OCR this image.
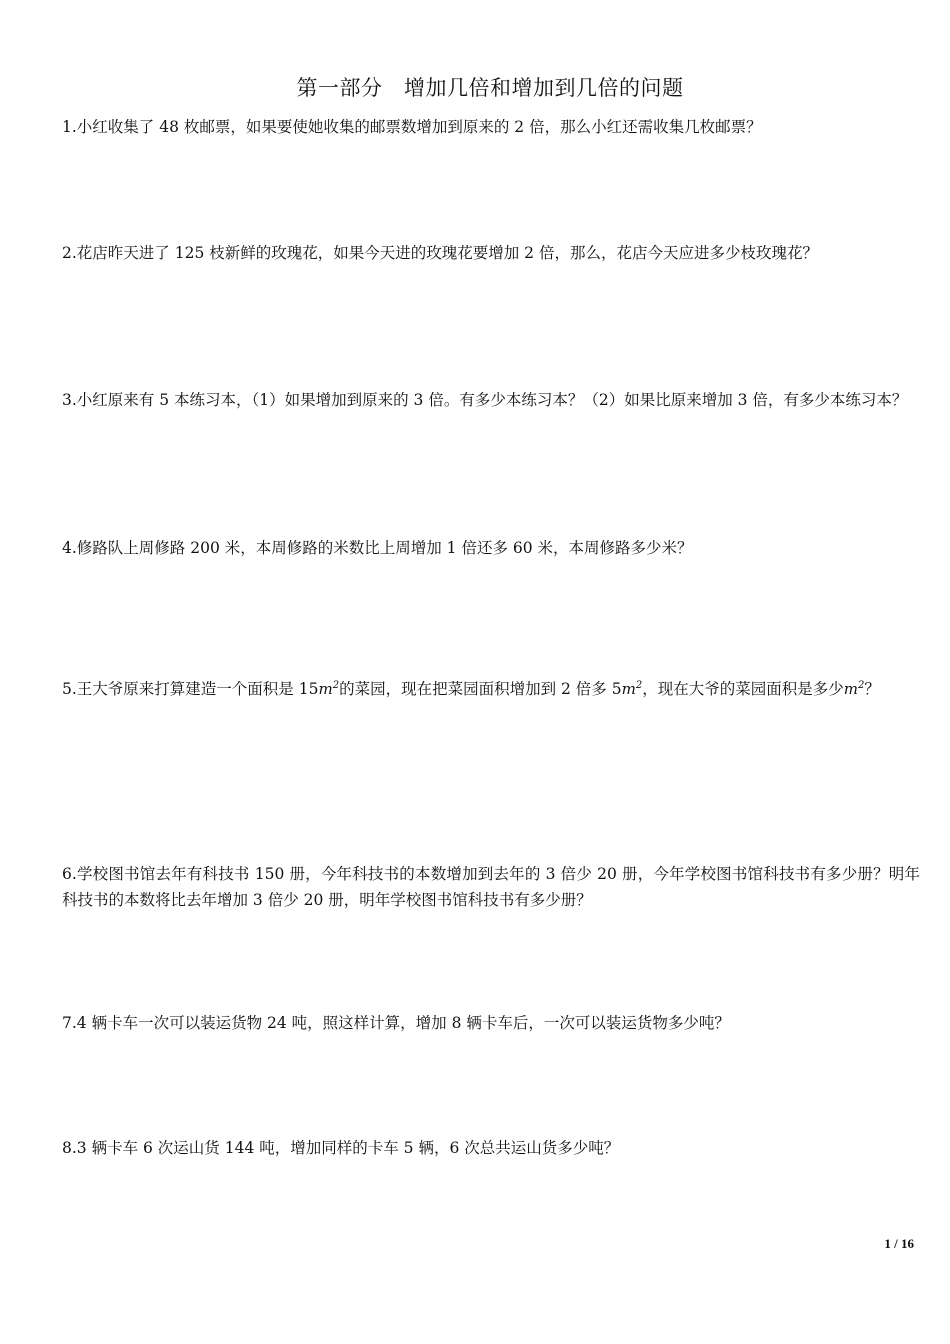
第一部分　增加几倍和增加到几倍的问题
1.小红收集了 48 枚邮票，如果要使她收集的邮票数增加到原来的 2 倍，那么小红还需收集几枚邮票？
2.花店昨天进了 125 枝新鲜的玫瑰花，如果今天进的玫瑰花要增加 2 倍，那么，花店今天应进多少枝玫瑰花？
3.小红原来有 5 本练习本，（1）如果增加到原来的 3 倍。有多少本练习本？（2）如果比原来增加 3 倍，有多少本练习本？
4.修路队上周修路 200 米，本周修路的米数比上周增加 1 倍还多 60 米，本周修路多少米？
5.王大爷原来打算建造一个面积是 $15m^2$的菜园，现在把菜园面积增加到 2 倍多 $5m^2$，现在大爷的菜园面积是多少$m^2$？
6.学校图书馆去年有科技书 150 册，今年科技书的本数增加到去年的 3 倍少 20 册，今年学校图书馆科技书有多少册？明年科技书的本数将比去年增加 3 倍少 20 册，明年学校图书馆科技书有多少册？
7.4 辆卡车一次可以装运货物 24 吨，照这样计算，增加 8 辆卡车后，一次可以装运货物多少吨？
8.3 辆卡车 6 次运山货 144 吨，增加同样的卡车 5 辆，6 次总共运山货多少吨？
1 / 16
